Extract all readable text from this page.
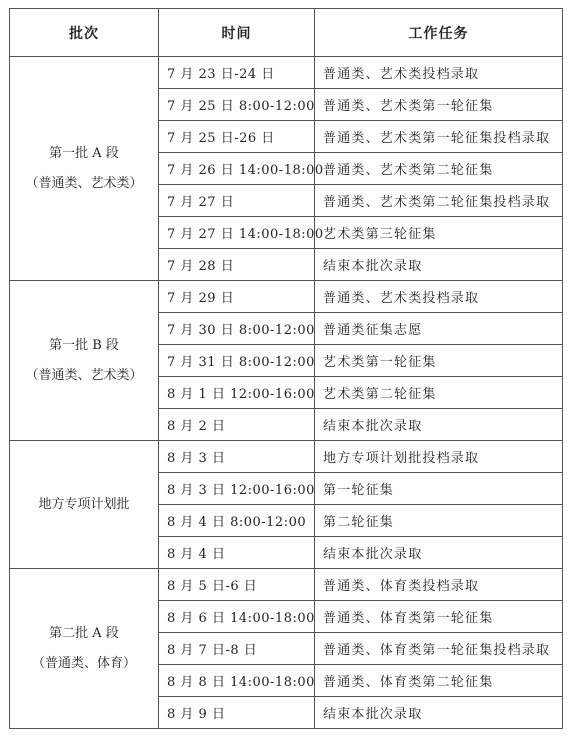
批次	时间	工作任务

第一批 A 段
（普通类、艺术类）	7 月 23 日-24 日	普通类、艺术类投档录取
	7 月 25 日 8:00-12:00	普通类、艺术类第一轮征集
	7 月 25 日-26 日	普通类、艺术类第一轮征集投档录取
	7 月 26 日 14:00-18:00	普通类、艺术类第二轮征集
	7 月 27 日	普通类、艺术类第二轮征集投档录取
	7 月 27 日 14:00-18:00	艺术类第三轮征集
	7 月 28 日	结束本批次录取

第一批 B 段
（普通类、艺术类）	7 月 29 日	普通类、艺术类投档录取
	7 月 30 日 8:00-12:00	普通类征集志愿
	7 月 31 日 8:00-12:00	艺术类第一轮征集
	8 月 1 日 12:00-16:00	艺术类第二轮征集
	8 月 2 日	结束本批次录取

地方专项计划批	8 月 3 日	地方专项计划批投档录取
	8 月 3 日 12:00-16:00	第一轮征集
	8 月 4 日 8:00-12:00	第二轮征集
	8 月 4 日	结束本批次录取

第二批 A 段
（普通类、体育）	8 月 5 日-6 日	普通类、体育类投档录取
	8 月 6 日 14:00-18:00	普通类、体育类第一轮征集
	8 月 7 日-8 日	普通类、体育类第一轮征集投档录取
	8 月 8 日 14:00-18:00	普通类、体育类第二轮征集
	8 月 9 日	结束本批次录取
